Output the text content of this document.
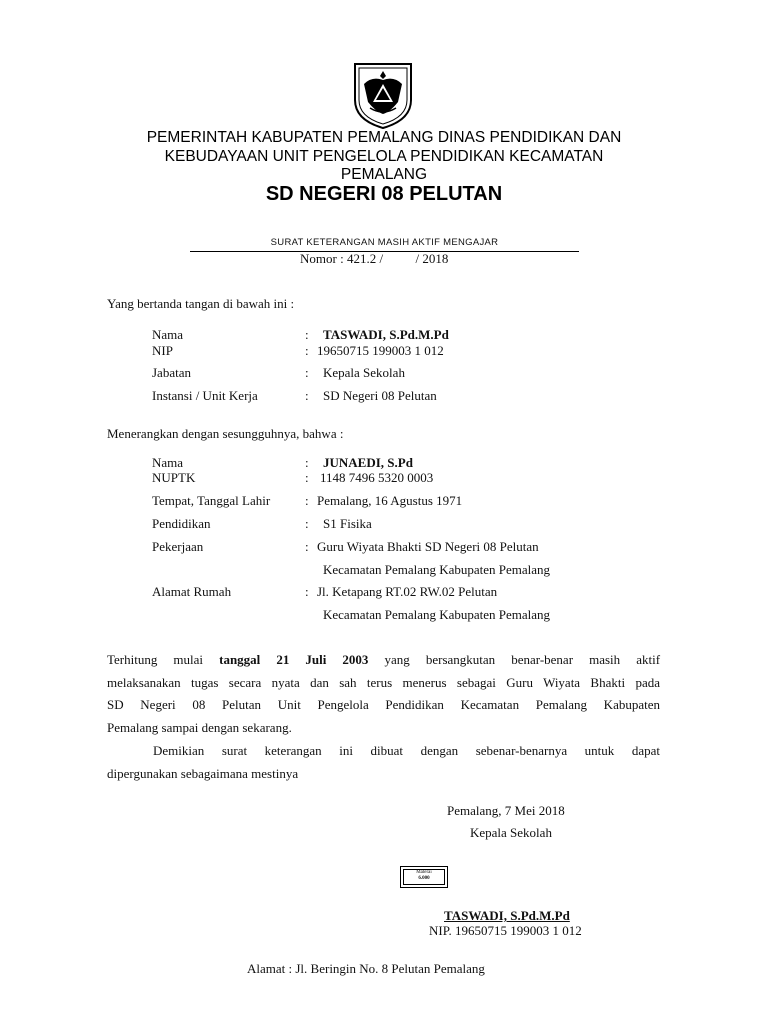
PEMERINTAH KABUPATEN PEMALANG DINAS PENDIDIKAN DAN
KEBUDAYAAN UNIT PENGELOLA PENDIDIKAN KECAMATAN
PEMALANG
SD NEGERI 08 PELUTAN
SURAT KETERANGAN MASIH AKTIF MENGAJAR
Nomor : 421.2 /          / 2018
Yang bertanda tangan di bawah ini :
Nama	: TASWADI, S.Pd.M.Pd
NIP	: 19650715 199003 1 012
Jabatan	: Kepala Sekolah
Instansi / Unit Kerja	: SD Negeri 08 Pelutan
Menerangkan dengan sesungguhnya, bahwa :
Nama	: JUNAEDI, S.Pd
NUPTK	: 1148 7496 5320 0003
Tempat, Tanggal Lahir	: Pemalang, 16 Agustus 1971
Pendidikan	: S1 Fisika
Pekerjaan	: Guru Wiyata Bhakti SD Negeri 08 Pelutan
Kecamatan Pemalang Kabupaten Pemalang
Alamat Rumah	: Jl. Ketapang RT.02 RW.02 Pelutan
Kecamatan Pemalang Kabupaten Pemalang
Terhitung mulai tanggal 21 Juli 2003 yang bersangkutan benar-benar masih aktif
melaksanakan tugas secara nyata dan sah terus menerus sebagai Guru Wiyata Bhakti pada
SD Negeri 08 Pelutan Unit Pengelola Pendidikan Kecamatan Pemalang Kabupaten
Pemalang sampai dengan sekarang.
Demikian surat keterangan ini dibuat dengan sebenar-benarnya untuk dapat
dipergunakan sebagaimana mestinya
Pemalang, 7 Mei 2018
Kepala Sekolah
Materai
6.000
TASWADI, S.Pd.M.Pd
NIP. 19650715 199003 1 012
Alamat : Jl. Beringin No. 8 Pelutan Pemalang
